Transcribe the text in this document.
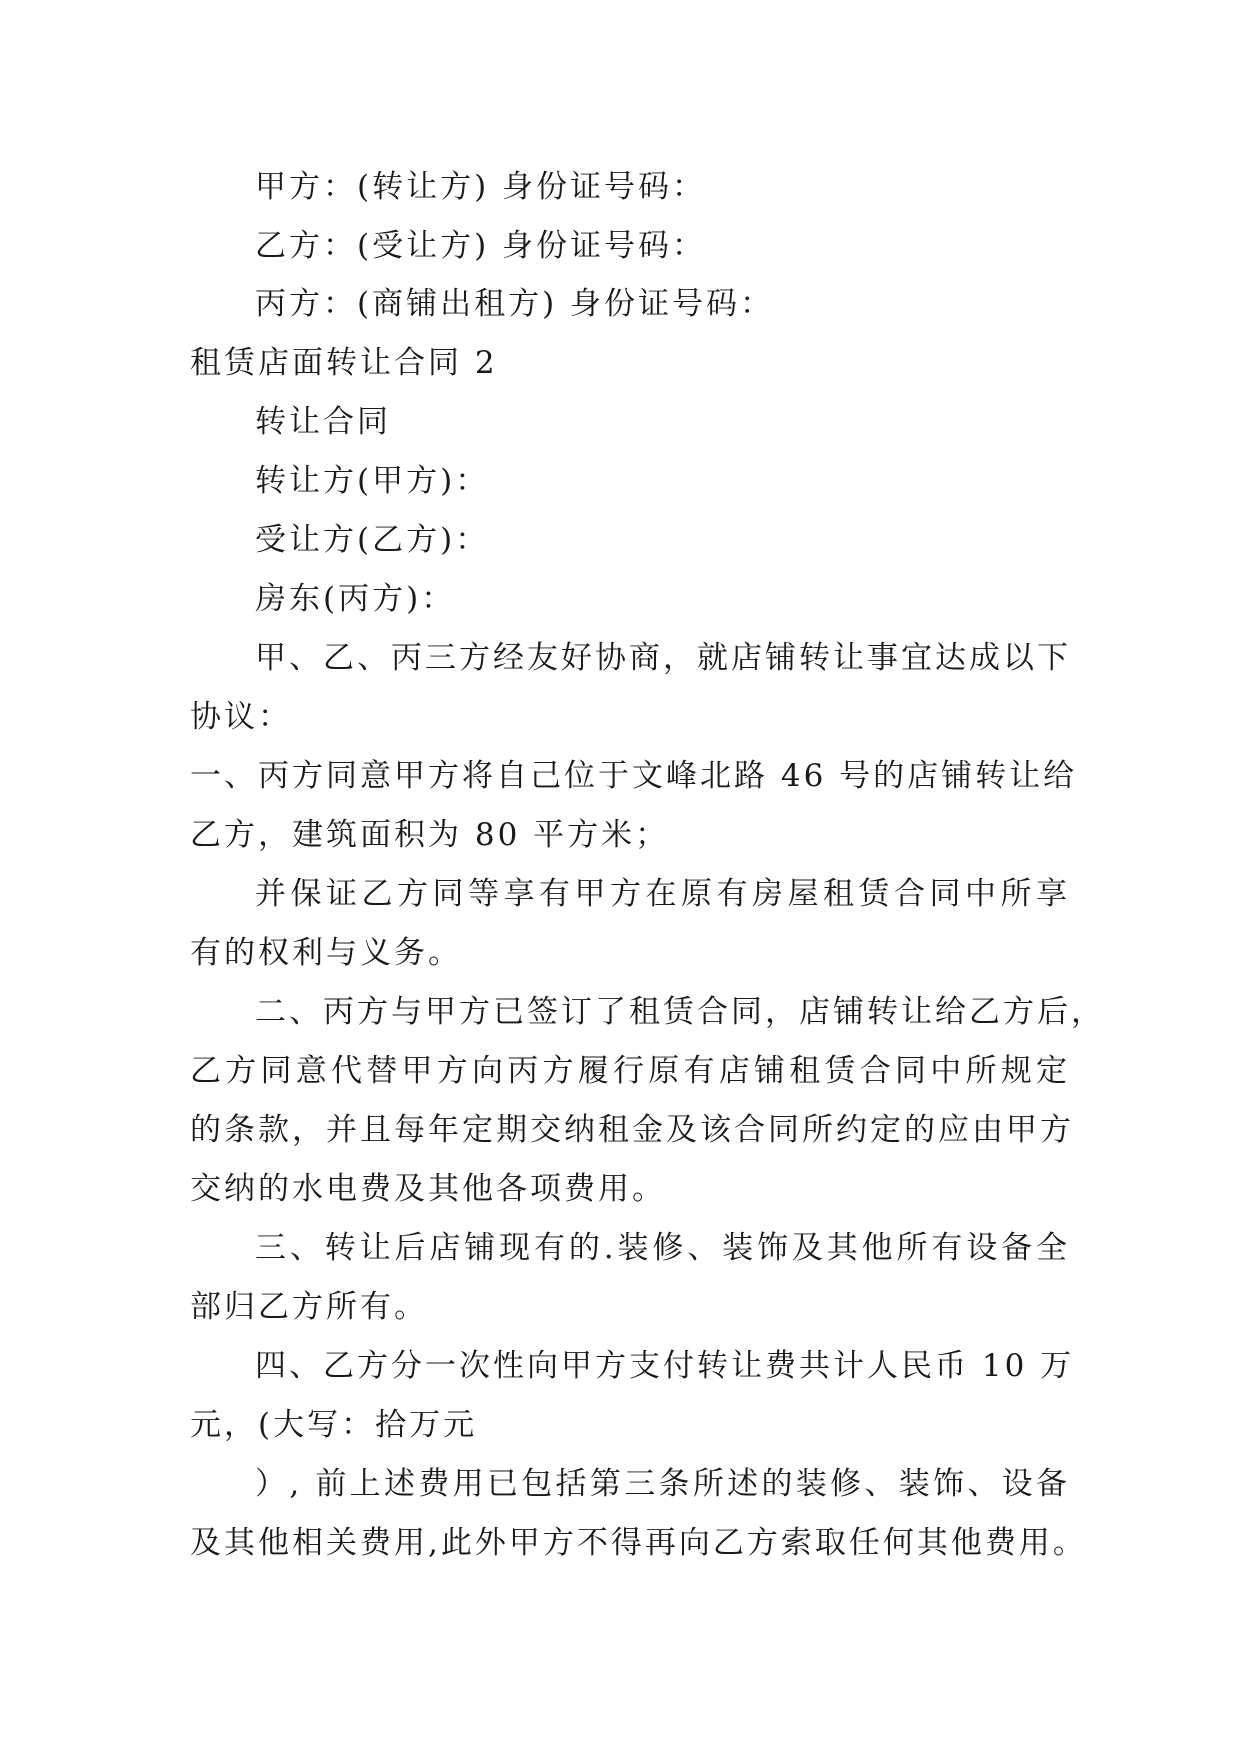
甲方：(转让方) 身份证号码：
乙方：(受让方) 身份证号码：
丙方：(商铺出租方) 身份证号码：
租赁店面转让合同 2
转让合同
转让方(甲方)：
受让方(乙方)：
房东(丙方)：
甲、乙、丙三方经友好协商，就店铺转让事宜达成以下
协议：
一、丙方同意甲方将自己位于文峰北路 46 号的店铺转让给
乙方，建筑面积为 80 平方米；
并保证乙方同等享有甲方在原有房屋租赁合同中所享
有的权利与义务。
二、丙方与甲方已签订了租赁合同，店铺转让给乙方后，
乙方同意代替甲方向丙方履行原有店铺租赁合同中所规定
的条款，并且每年定期交纳租金及该合同所约定的应由甲方
交纳的水电费及其他各项费用。
三、转让后店铺现有的.装修、装饰及其他所有设备全
部归乙方所有。
四、乙方分一次性向甲方支付转让费共计人民币 10 万
元，(大写：拾万元
）, 前上述费用已包括第三条所述的装修、装饰、设备
及其他相关费用,此外甲方不得再向乙方索取任何其他费用。
